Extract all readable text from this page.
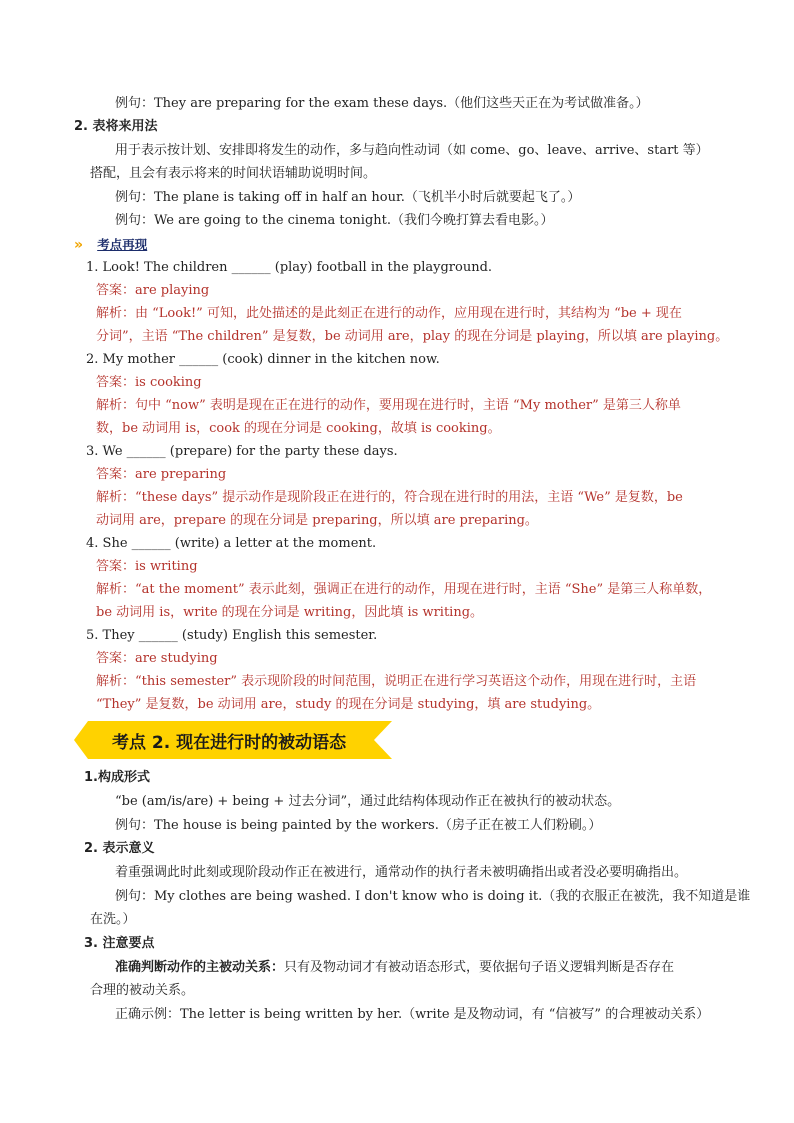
例句：They are preparing for the exam these days.（他们这些天正在为考试做准备。）
2. 表将来用法
用于表示按计划、安排即将发生的动作，多与趋向性动词（如 come、go、leave、arrive、start 等）
搭配，且会有表示将来的时间状语辅助说明时间。
例句：The plane is taking off in half an hour.（飞机半小时后就要起飞了。）
例句：We are going to the cinema tonight.（我们今晚打算去看电影。）
» 考点再现
1. Look! The children ______ (play) football in the playground.
答案：are playing
解析：由 “Look!” 可知，此处描述的是此刻正在进行的动作，应用现在进行时，其结构为 “be + 现在
分词”，主语 “The children” 是复数，be 动词用 are，play 的现在分词是 playing，所以填 are playing。
2. My mother ______ (cook) dinner in the kitchen now.
答案：is cooking
解析：句中 “now” 表明是现在正在进行的动作，要用现在进行时，主语 “My mother” 是第三人称单
数，be 动词用 is，cook 的现在分词是 cooking，故填 is cooking。
3. We ______ (prepare) for the party these days.
答案：are preparing
解析：“these days” 提示动作是现阶段正在进行的，符合现在进行时的用法，主语 “We” 是复数，be
动词用 are，prepare 的现在分词是 preparing，所以填 are preparing。
4. She ______ (write) a letter at the moment.
答案：is writing
解析：“at the moment” 表示此刻，强调正在进行的动作，用现在进行时，主语 “She” 是第三人称单数，
be 动词用 is，write 的现在分词是 writing，因此填 is writing。
5. They ______ (study) English this semester.
答案：are studying
解析：“this semester” 表示现阶段的时间范围，说明正在进行学习英语这个动作，用现在进行时，主语
“They” 是复数，be 动词用 are，study 的现在分词是 studying，填 are studying。
考点 2. 现在进行时的被动语态
1.构成形式
“be (am/is/are) + being + 过去分词”，通过此结构体现动作正在被执行的被动状态。
例句：The house is being painted by the workers.（房子正在被工人们粉刷。）
2. 表示意义
着重强调此时此刻或现阶段动作正在被进行，通常动作的执行者未被明确指出或者没必要明确指出。
例句：My clothes are being washed. I don't know who is doing it.（我的衣服正在被洗，我不知道是谁
在洗。）
3. 注意要点
准确判断动作的主被动关系：只有及物动词才有被动语态形式，要依据句子语义逻辑判断是否存在
合理的被动关系。
正确示例：The letter is being written by her.（write 是及物动词，有 “信被写” 的合理被动关系）
